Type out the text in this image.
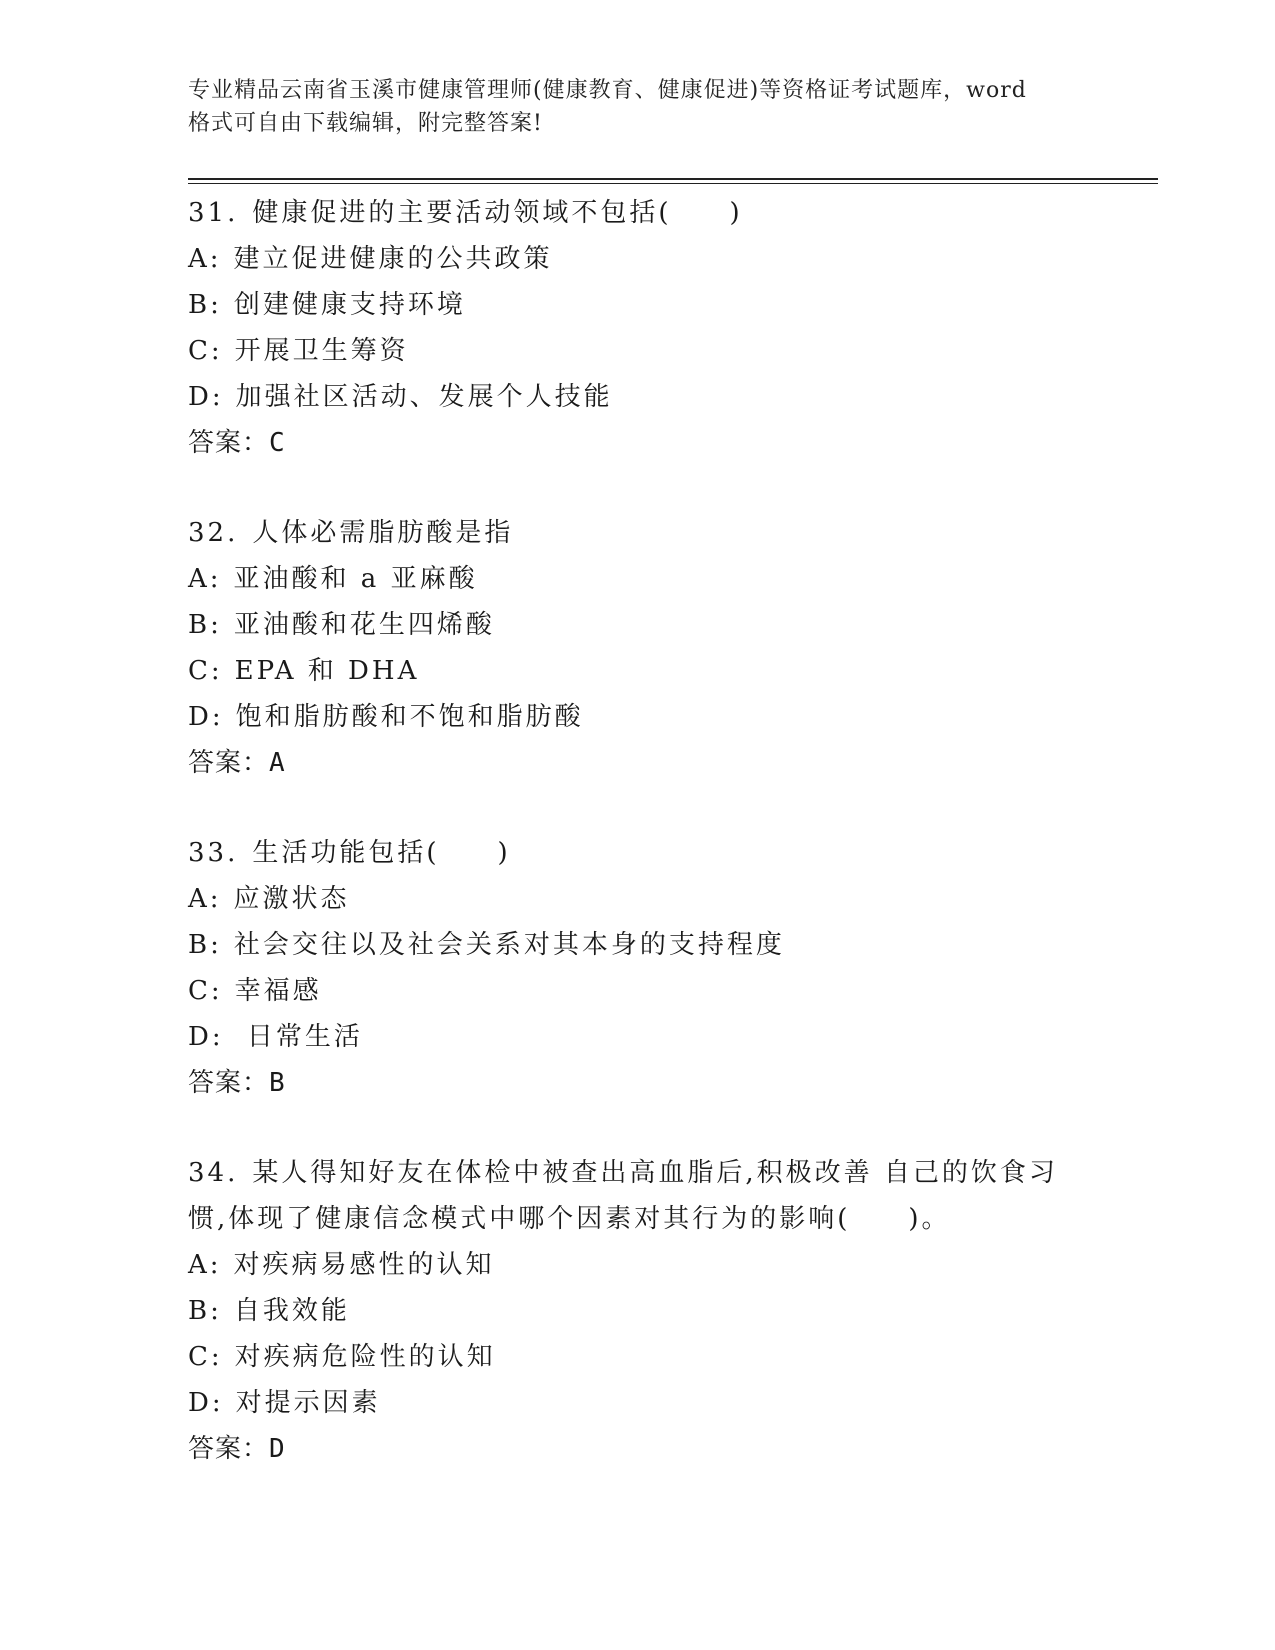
专业精品云南省玉溪市健康管理师(健康教育、健康促进)等资格证考试题库，word
格式可自由下载编辑，附完整答案!
31. 健康促进的主要活动领域不包括(　　)
A: 建立促进健康的公共政策
B: 创建健康支持环境
C: 开展卫生筹资
D: 加强社区活动、发展个人技能
答案：C
32. 人体必需脂肪酸是指
A: 亚油酸和 a 亚麻酸
B: 亚油酸和花生四烯酸
C: EPA 和 DHA
D: 饱和脂肪酸和不饱和脂肪酸
答案：A
33. 生活功能包括(　　)
A: 应激状态
B: 社会交往以及社会关系对其本身的支持程度
C: 幸福感
D: 日常生活
答案：B
34. 某人得知好友在体检中被查出高血脂后,积极改善 自己的饮食习
惯,体现了健康信念模式中哪个因素对其行为的影响(　　)。
A: 对疾病易感性的认知
B: 自我效能
C: 对疾病危险性的认知
D: 对提示因素
答案：D
